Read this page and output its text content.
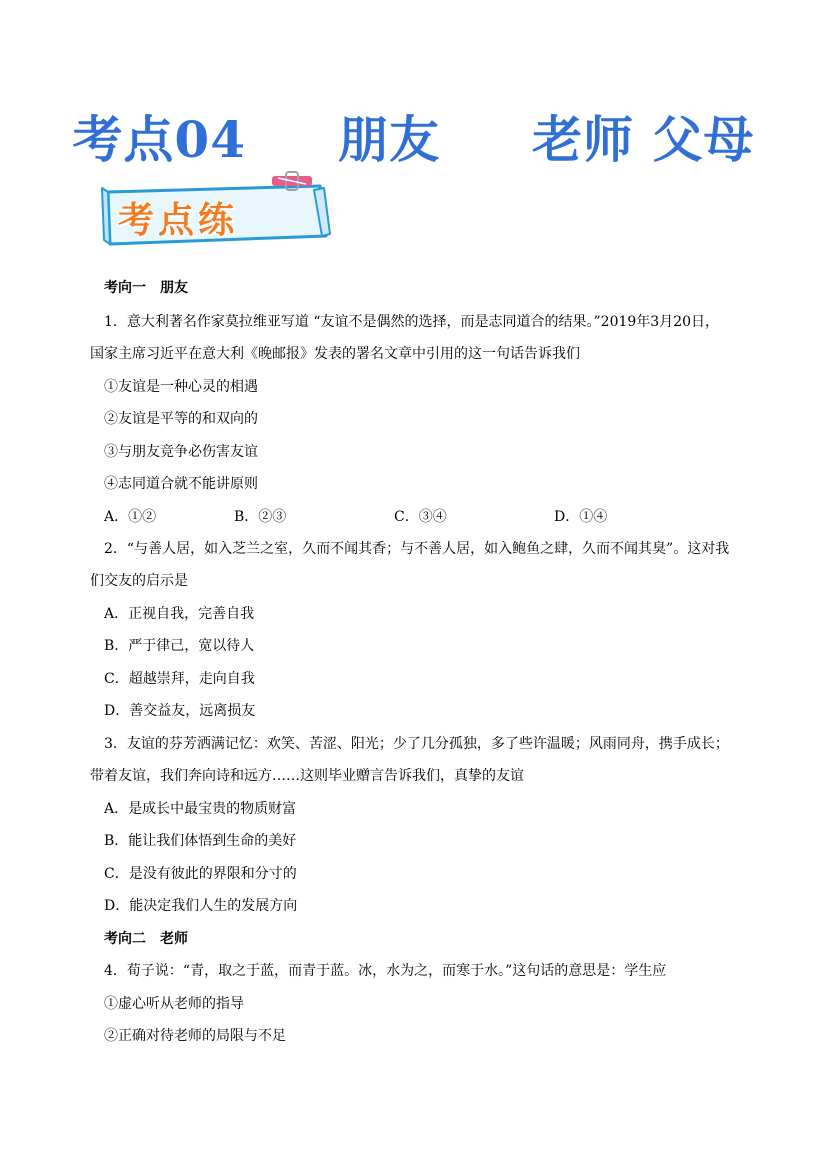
考点04 朋友 老师 父母
考点练
考向一　朋友
1．意大利著名作家莫拉维亚写道 “友谊不是偶然的选择，而是志同道合的结果。”2019年3月20日，
国家主席习近平在意大利《晚邮报》发表的署名文章中引用的这一句话告诉我们
①友谊是一种心灵的相遇
②友谊是平等的和双向的
③与朋友竞争必伤害友谊
④志同道合就不能讲原则
A．①②	B．②③	C．③④	D．①④
2．“与善人居，如入芝兰之室，久而不闻其香；与不善人居，如入鲍鱼之肆，久而不闻其臭”。这对我
们交友的启示是
A．正视自我，完善自我
B．严于律己，宽以待人
C．超越崇拜，走向自我
D．善交益友，远离损友
3．友谊的芬芳洒满记忆：欢笑、苦涩、阳光；少了几分孤独，多了些许温暖；风雨同舟，携手成长；
带着友谊，我们奔向诗和远方……这则毕业赠言告诉我们，真挚的友谊
A．是成长中最宝贵的物质财富
B．能让我们体悟到生命的美好
C．是没有彼此的界限和分寸的
D．能决定我们人生的发展方向
考向二　老师
4．荀子说：“青，取之于蓝，而青于蓝。冰，水为之，而寒于水。”这句话的意思是：学生应
①虚心听从老师的指导
②正确对待老师的局限与不足
